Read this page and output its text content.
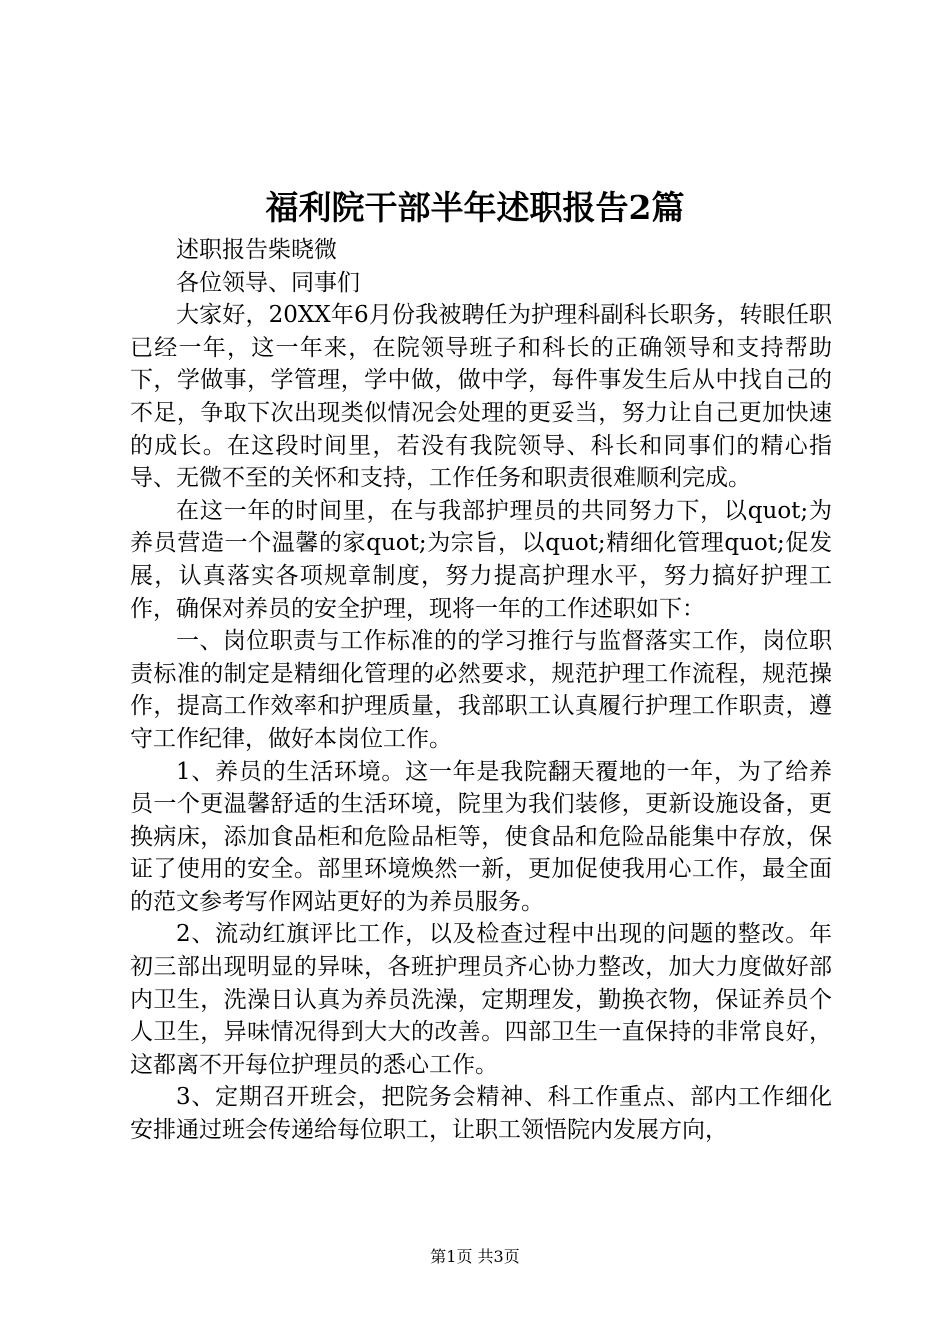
福利院干部半年述职报告2篇

述职报告柴晓微

各位领导、同事们

大家好，20XX年6月份我被聘任为护理科副科长职务，转眼任职已经一年，这一年来，在院领导班子和科长的正确领导和支持帮助下，学做事，学管理，学中做，做中学，每件事发生后从中找自己的不足，争取下次出现类似情况会处理的更妥当，努力让自己更加快速的成长。在这段时间里，若没有我院领导、科长和同事们的精心指导、无微不至的关怀和支持，工作任务和职责很难顺利完成。

在这一年的时间里，在与我部护理员的共同努力下，以quot;为养员营造一个温馨的家quot;为宗旨，以quot;精细化管理quot;促发展，认真落实各项规章制度，努力提高护理水平，努力搞好护理工作，确保对养员的安全护理，现将一年的工作述职如下：

一、岗位职责与工作标准的的学习推行与监督落实工作，岗位职责标准的制定是精细化管理的必然要求，规范护理工作流程，规范操作，提高工作效率和护理质量，我部职工认真履行护理工作职责，遵守工作纪律，做好本岗位工作。

1、养员的生活环境。这一年是我院翻天覆地的一年，为了给养员一个更温馨舒适的生活环境，院里为我们装修，更新设施设备，更换病床，添加食品柜和危险品柜等，使食品和危险品能集中存放，保证了使用的安全。部里环境焕然一新，更加促使我用心工作，最全面的范文参考写作网站更好的为养员服务。

2、流动红旗评比工作，以及检查过程中出现的问题的整改。年初三部出现明显的异味，各班护理员齐心协力整改，加大力度做好部内卫生，洗澡日认真为养员洗澡，定期理发，勤换衣物，保证养员个人卫生，异味情况得到大大的改善。四部卫生一直保持的非常良好，这都离不开每位护理员的悉心工作。

3、定期召开班会，把院务会精神、科工作重点、部内工作细化安排通过班会传递给每位职工，让职工领悟院内发展方向，

第1页 共3页
